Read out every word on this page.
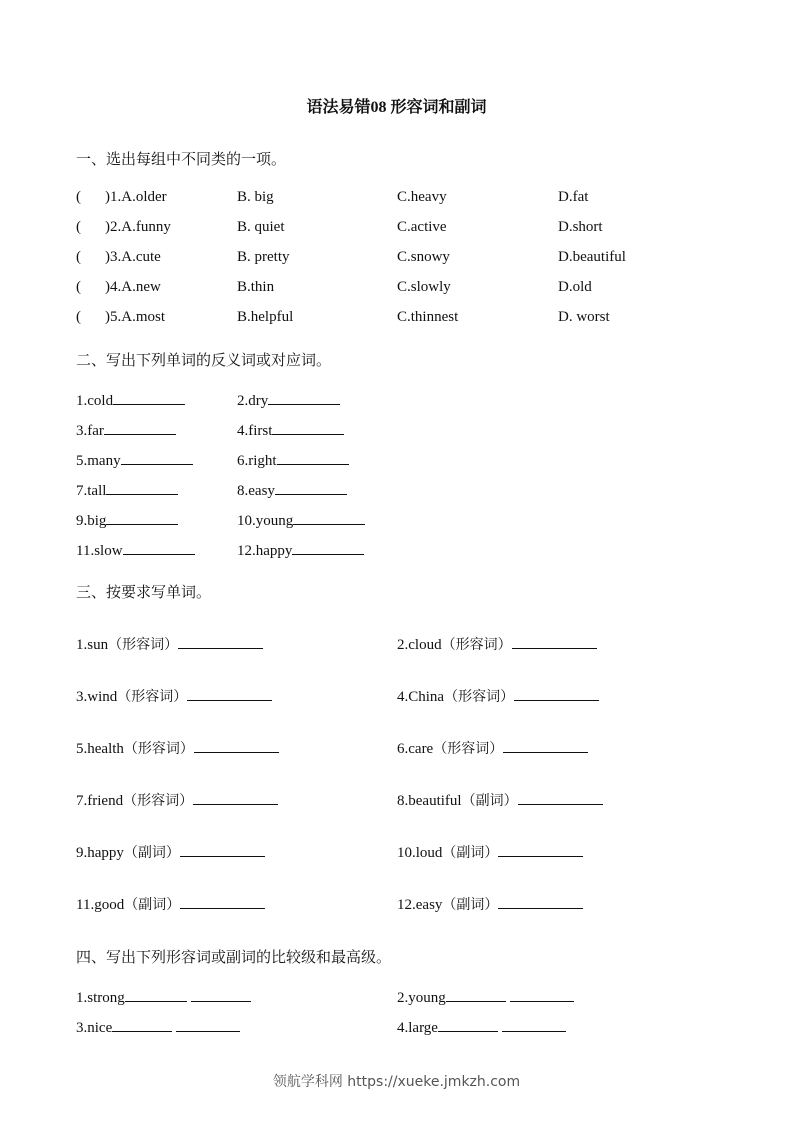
语法易错08 形容词和副词
一、选出每组中不同类的一项。
( )1.A.older	B. big	C.heavy	D.fat
( )2.A.funny	B. quiet	C.active	D.short
( )3.A.cute	B. pretty	C.snowy	D.beautiful
( )4.A.new	B.thin	C.slowly	D.old
( )5.A.most	B.helpful	C.thinnest	D. worst
二、写出下列单词的反义词或对应词。
1.cold	2.dry
3.far	4.first
5.many	6.right
7.tall	8.easy
9.big	10.young
11.slow	12.happy
三、按要求写单词。
1.sun（形容词）	2.cloud（形容词）
3.wind（形容词）	4.China（形容词）
5.health（形容词）	6.care（形容词）
7.friend（形容词）	8.beautiful（副词）
9.happy（副词）	10.loud（副词）
11.good（副词）	12.easy（副词）
四、写出下列形容词或副词的比较级和最高级。
1.strong	2.young
3.nice	4.large
领航学科网 https://xueke.jmkzh.com
